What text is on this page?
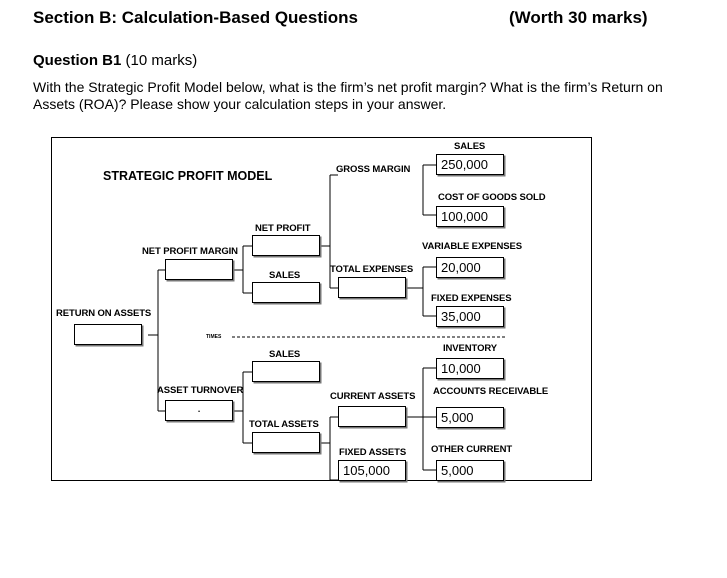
Section B: Calculation-Based Questions	(Worth 30 marks)
Question B1 (10 marks)
With the Strategic Profit Model below, what is the firm’s net profit margin? What is the firm’s Return on Assets (ROA)? Please show your calculation steps in your answer.
STRATEGIC PROFIT MODEL
TIMES
RETURN ON ASSETS
NET PROFIT MARGIN
ASSET TURNOVER
.
NET PROFIT
SALES
SALES
TOTAL ASSETS
GROSS MARGIN
TOTAL EXPENSES
CURRENT ASSETS
FIXED ASSETS
105,000
SALES
250,000
COST OF GOODS SOLD
100,000
VARIABLE EXPENSES
20,000
FIXED EXPENSES
35,000
INVENTORY
10,000
ACCOUNTS RECEIVABLE
5,000
OTHER CURRENT
5,000
